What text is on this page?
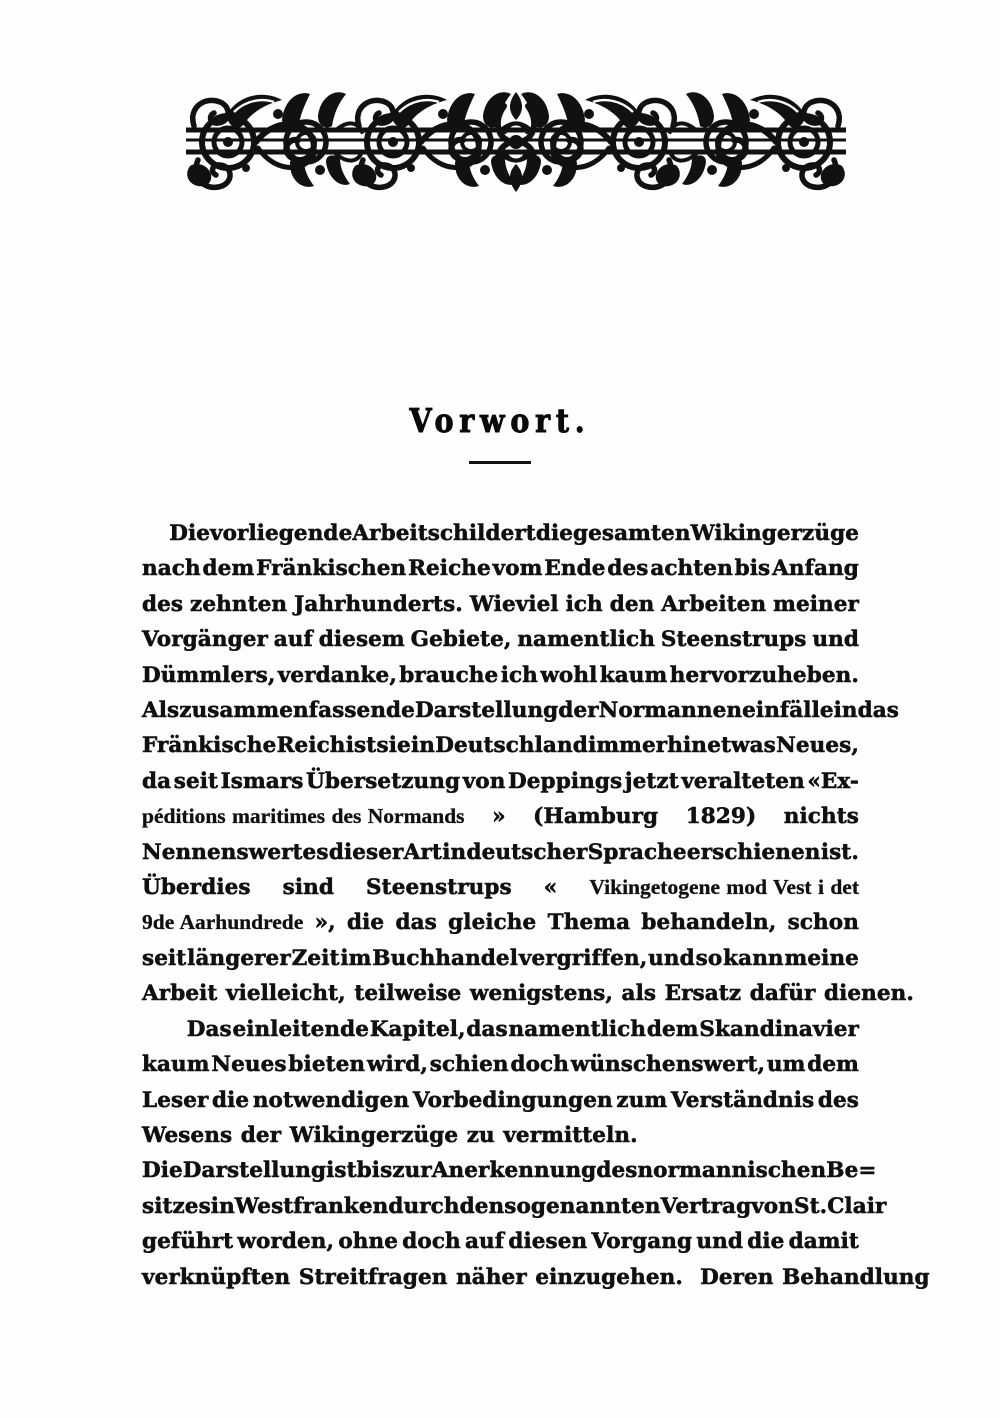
Vorwort.

Die vorliegende Arbeit schildert die gesamten Wikingerzüge
nach dem Fränkischen Reiche vom Ende des achten bis Anfang
des zehnten Jahrhunderts. Wieviel ich den Arbeiten meiner
Vorgänger auf diesem Gebiete, namentlich Steenstrups und
Dümmlers, verdanke, brauche ich wohl kaum hervorzuheben.
Als zusammenfassende Darstellung der Normanneneinfälle in das
Fränkische Reich ist sie in Deutschland immerhin etwas Neues,
da seit Ismars Übersetzung von Deppings jetzt veralteten «Ex-
péditions maritimes des Normands » (Hamburg 1829) nichts
Nennenswertes dieser Art in deutscher Sprache erschienen ist.
Überdies sind Steenstrups « Vikingetogene mod Vest i det
9de Aarhundrede », die das gleiche Thema behandeln, schon
seit längerer Zeit im Buchhandel vergriffen, und so kann meine
Arbeit vielleicht, teilweise wenigstens, als Ersatz dafür dienen.

Das einleitende Kapitel, das namentlich dem Skandinavier
kaum Neues bieten wird, schien doch wünschenswert, um dem
Leser die notwendigen Vorbedingungen zum Verständnis des
Wesens der Wikingerzüge zu vermitteln.

Die Darstellung ist bis zur Anerkennung des normannischen Be=
sitzes in Westfranken durch den sogenannten Vertrag von St. Clair
geführt worden, ohne doch auf diesen Vorgang und die damit
verknüpften Streitfragen näher einzugehen.  Deren Behandlung
